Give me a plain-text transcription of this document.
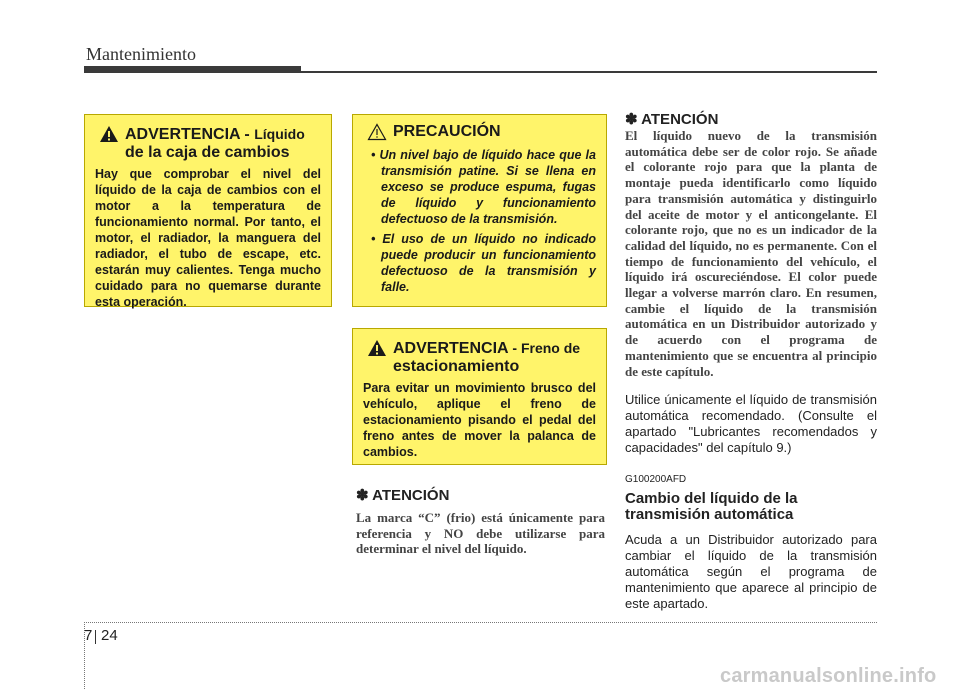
Mantenimiento
ADVERTENCIA - Líquido
de la caja de cambios
Hay que comprobar el nivel del líquido de la caja de cambios con el motor a la temperatura de funcionamiento normal. Por tanto, el motor, el radiador, la manguera del radiador, el tubo de escape, etc. estarán muy calientes. Tenga mucho cuidado para no quemarse durante esta operación.
PRECAUCIÓN
• Un nivel bajo de líquido hace que la transmisión patine. Si se llena en exceso se produce espuma, fugas de líquido y funcionamiento defectuoso de la transmisión.
• El uso de un líquido no indicado puede producir un funcionamiento defectuoso de la transmisión y falle.
ADVERTENCIA - Freno de
estacionamiento
Para evitar un movimiento brusco del vehículo, aplique el freno de estacionamiento pisando el pedal del freno antes de mover la palanca de cambios.
✽ ATENCIÓN
La marca “C” (frio) está únicamente para referencia y NO debe utilizarse para determinar el nivel del líquido.
✽ ATENCIÓN
El líquido nuevo de la transmisión automática debe ser de color rojo. Se añade el colorante rojo para que la planta de montaje pueda identificarlo como líquido para transmisión automática y distinguirlo del aceite de motor y el anticongelante. El colorante rojo, que no es un indicador de la calidad del líquido, no es permanente. Con el tiempo de funcionamiento del vehículo, el líquido irá oscureciéndose. El color puede llegar a volverse marrón claro. En resumen, cambie el líquido de la transmisión automática en un Distribuidor autorizado y de acuerdo con el programa de mantenimiento que se encuentra al principio de este capítulo.
Utilice únicamente el líquido de transmisión automática recomendado. (Consulte el apartado "Lubricantes recomendados y capacidades" del capítulo 9.)
G100200AFD
Cambio del líquido de la transmisión automática
Acuda a un Distribuidor autorizado para cambiar el líquido de la transmisión automática según el programa de mantenimiento que aparece al principio de este apartado.
7 24
carmanualsonline.info
